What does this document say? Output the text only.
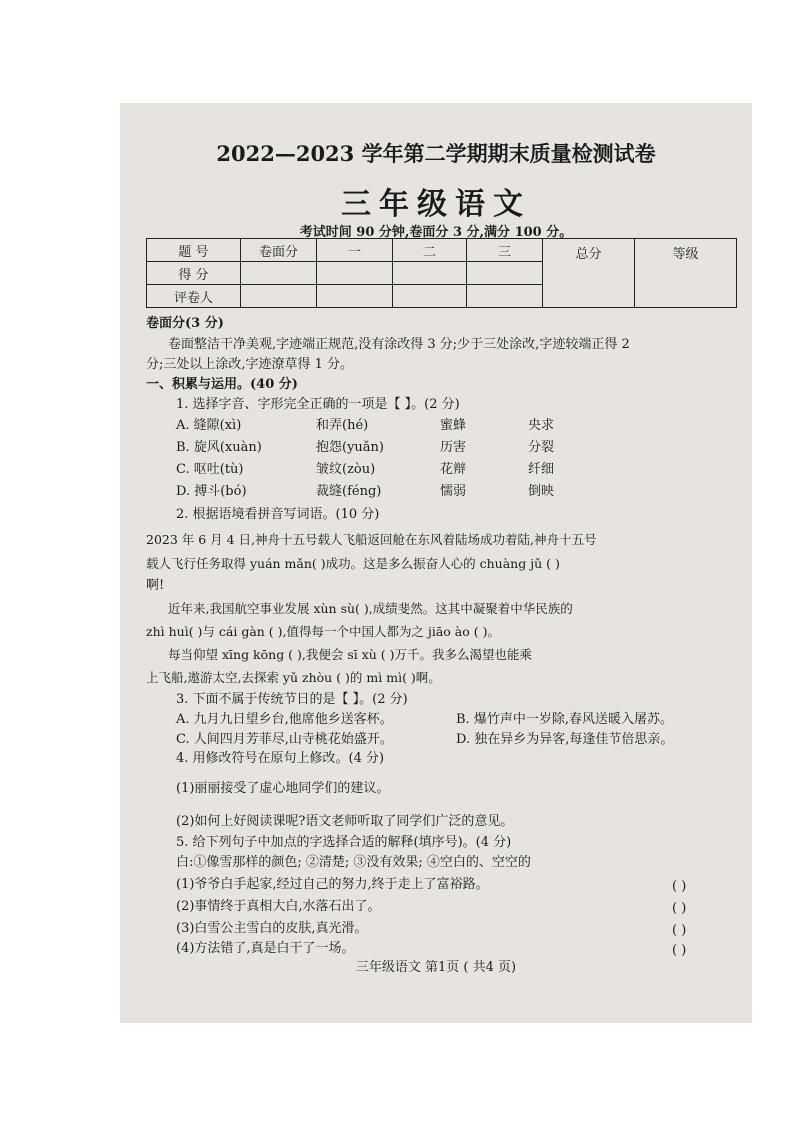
2022—2023 学年第二学期期末质量检测试卷
三年级语文
考试时间 90 分钟,卷面分 3 分,满分 100 分。
题 号	卷面分	一	二	三	总分	等级
得 分						
评卷人						
卷面分(3 分)
卷面整洁干净美观,字迹端正规范,没有涂改得 3 分;少于三处涂改,字迹较端正得 2
分;三处以上涂改,字迹潦草得 1 分。
一、积累与运用。(40 分)
1. 选择字音、字形完全正确的一项是【 】。(2 分)
A. 缝隙(xì)	和弄(hé)	蜜蜂	央求
B. 旋风(xuàn)	抱怨(yuǎn)	历害	分裂
C. 呕吐(tù)	皱纹(zòu)	花辩	纤细
D. 搏斗(bó)	裁缝(féng)	懦弱	倒映
2. 根据语境看拼音写词语。(10 分)
2023 年 6 月 4 日,神舟十五号载人飞船返回舱在东风着陆场成功着陆,神舟十五号
载人飞行任务取得 yuán mǎn( )成功。这是多么振奋人心的 chuàng jǔ ( )
啊!
近年来,我国航空事业发展 xùn sù( ),成绩斐然。这其中凝聚着中华民族的
zhì huì( )与 cái gàn ( ),值得每一个中国人都为之 jiāo ào ( )。
每当仰望 xīng kōng ( ),我便会 sī xù ( )万千。我多么渴望也能乘
上飞船,遨游太空,去探索 yǔ zhòu ( )的 mì mì( )啊。
3. 下面不属于传统节日的是【 】。(2 分)
A. 九月九日望乡台,他席他乡送客杯。	B. 爆竹声中一岁除,春风送暖入屠苏。
C. 人间四月芳菲尽,山寺桃花始盛开。	D. 独在异乡为异客,每逢佳节倍思亲。
4. 用修改符号在原句上修改。(4 分)
(1)丽丽接受了虚心地同学们的建议。
(2)如何上好阅读课呢?语文老师听取了同学们广泛的意见。
5. 给下列句子中加点的字选择合适的解释(填序号)。(4 分)
白:①像雪那样的颜色; ②清楚; ③没有效果; ④空白的、空空的
(1)爷爷白手起家,经过自己的努力,终于走上了富裕路。	( )
(2)事情终于真相大白,水落石出了。	( )
(3)白雪公主雪白的皮肤,真光滑。	( )
(4)方法错了,真是白干了一场。	( )
三年级语文 第1页 ( 共4 页)
